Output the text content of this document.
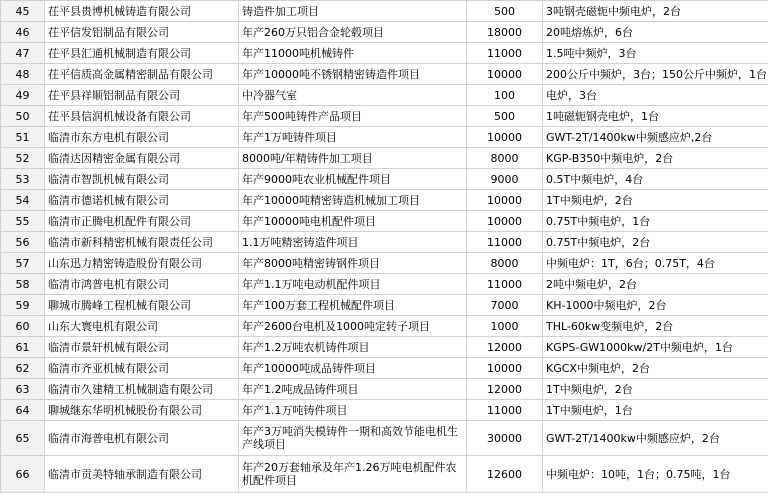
45	茌平县贵博机械铸造有限公司	铸造件加工项目	500	3吨钢壳磁轭中频电炉，2台
46	茌平信发铝制品有限公司	年产260万只铝合金轮毂项目	18000	20吨熔炼炉，6台
47	茌平县汇通机械制造有限公司	年产11000吨机械铸件	11000	1.5吨中频炉，3台
48	茌平信质高金属精密制品有限公司	年产10000吨不锈钢精密铸造件项目	10000	200公斤中频炉，3台；150公斤中频炉，1台
49	茌平县祥顺铝制品有限公司	中冷器气室	100	电炉，3台
50	茌平县信润机械设备有限公司	年产500吨铸件产品项目	500	1吨磁轭钢壳电炉，1台
51	临清市东方电机有限公司	年产1万吨铸件项目	10000	GWT-2T/1400kw中频感应炉,2台
52	临清达因精密金属有限公司	8000吨/年精铸件加工项目	8000	KGP-B350中频电炉，2台
53	临清市智凯机械有限公司	年产9000吨农业机械配件项目	9000	0.5T中频电炉，4台
54	临清市德诺机械有限公司	年产10000吨精密铸造机械加工项目	10000	1T中频电炉，2台
55	临清市正腾电机配件有限公司	年产10000吨电机配件项目	10000	0.75T中频电炉，1台
56	临清市新科精密机械有限责任公司	1.1万吨精密铸造件项目	11000	0.75T中频电炉，2台
57	山东迅力精密铸造股份有限公司	年产8000吨精密铸钢件项目	8000	中频电炉：1T，6台；0.75T，4台
58	临清市鸿普电机有限公司	年产1.1万吨电动机配件项目	11000	2吨中频电炉，2台
59	聊城市腾峰工程机械有限公司	年产100万套工程机械配件项目	7000	KH-1000中频电炉，2台
60	山东大寰电机有限公司	年产2600台电机及1000吨定转子项目	1000	THL-60kw变频电炉，2台
61	临清市景轩机械有限公司	年产1.2万吨农机铸件项目	12000	KGPS-GW1000kw/2T中频电炉，1台
62	临清市齐亚机械有限公司	年产10000吨成品铸件项目	10000	KGCX中频电炉，2台
63	临清市久建精工机械制造有限公司	年产1.2吨成品铸件项目	12000	1T中频电炉，2台
64	聊城继东华明机械股份有限公司	年产1.1万吨铸件项目	11000	1T中频电炉，1台
65	临清市海普电机有限公司	年产3万吨消失模铸件一期和高效节能电机生产线项目	30000	GWT-2T/1400kw中频感应炉，2台
66	临清市贡美特轴承制造有限公司	年产20万套轴承及年产1.26万吨电机配件农机配件项目	12600	中频电炉：10吨，1台；0.75吨，1台
